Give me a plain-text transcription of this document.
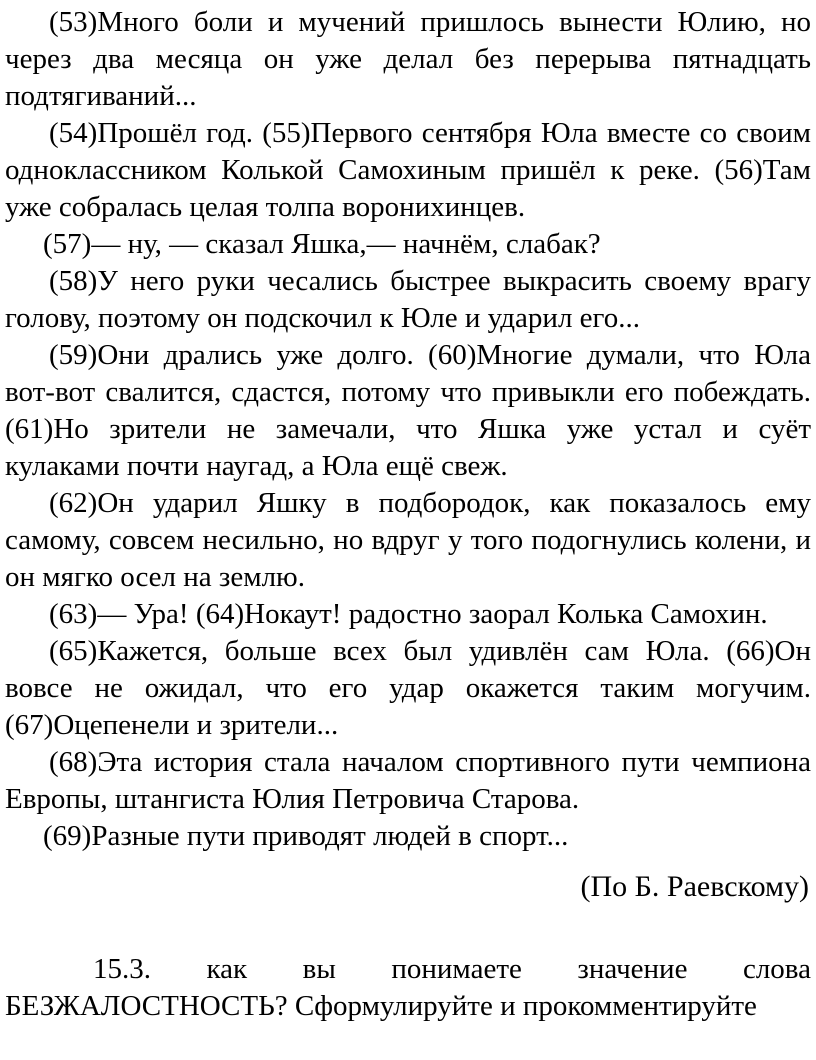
(53)Много боли и мучений пришлось вынести Юлию, но через два месяца он уже делал без перерыва пятнадцать подтягиваний...

(54)Прошёл год. (55)Первого сентября Юла вместе со своим одноклассником Колькой Самохиным пришёл к реке. (56)Там уже собралась целая толпа воронихинцев.

(57)— ну, — сказал Яшка,— начнём, слабак?

(58)У него руки чесались быстрее выкрасить своему врагу голову, поэтому он подскочил к Юле и ударил его...

(59)Они дрались уже долго. (60)Многие думали, что Юла вот-вот свалится, сдастся, потому что привыкли его побеждать. (61)Но зрители не замечали, что Яшка уже устал и суёт кулаками почти наугад, а Юла ещё свеж.

(62)Он ударил Яшку в подбородок, как показалось ему самому, совсем несильно, но вдруг у того подогнулись колени, и он мягко осел на землю.

(63)— Ура! (64)Нокаут! радостно заорал Колька Самохин.

(65)Кажется, больше всех был удивлён сам Юла. (66)Он вовсе не ожидал, что его удар окажется таким могучим. (67)Оцепенели и зрители...

(68)Эта история стала началом спортивного пути чемпиона Европы, штангиста Юлия Петровича Старова.

(69)Разные пути приводят людей в спорт...

(По Б. Раевскому)

15.3. как вы понимаете значение слова

БЕЗЖАЛОСТНОСТЬ? Сформулируйте и прокомментируйте
